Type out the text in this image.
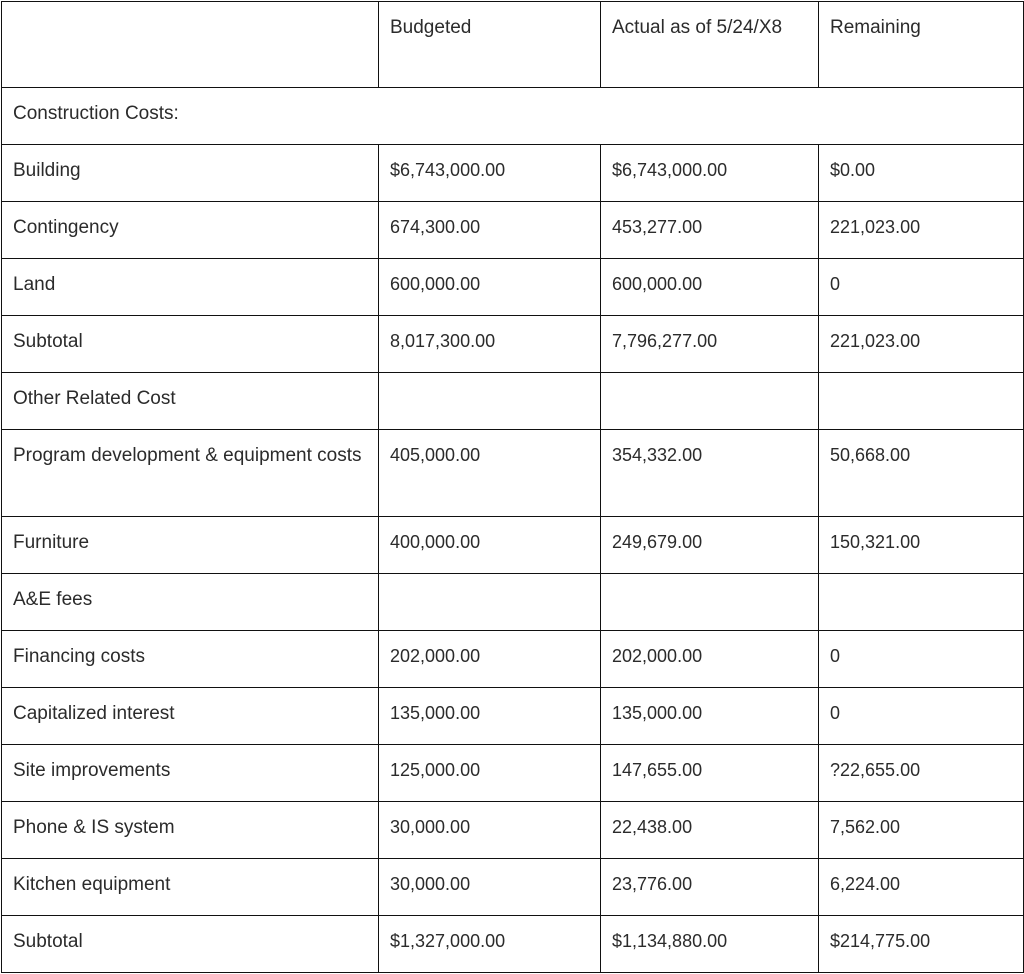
	Budgeted	Actual as of 5/24/X8	Remaining
Construction Costs:			
Building	$6,743,000.00	$6,743,000.00	$0.00
Contingency	674,300.00	453,277.00	221,023.00
Land	600,000.00	600,000.00	0
Subtotal	8,017,300.00	7,796,277.00	221,023.00
Other Related Cost			
Program development & equipment costs	405,000.00	354,332.00	50,668.00
Furniture	400,000.00	249,679.00	150,321.00
A&E fees			
Financing costs	202,000.00	202,000.00	0
Capitalized interest	135,000.00	135,000.00	0
Site improvements	125,000.00	147,655.00	?22,655.00
Phone & IS system	30,000.00	22,438.00	7,562.00
Kitchen equipment	30,000.00	23,776.00	6,224.00
Subtotal	$1,327,000.00	$1,134,880.00	$214,775.00
